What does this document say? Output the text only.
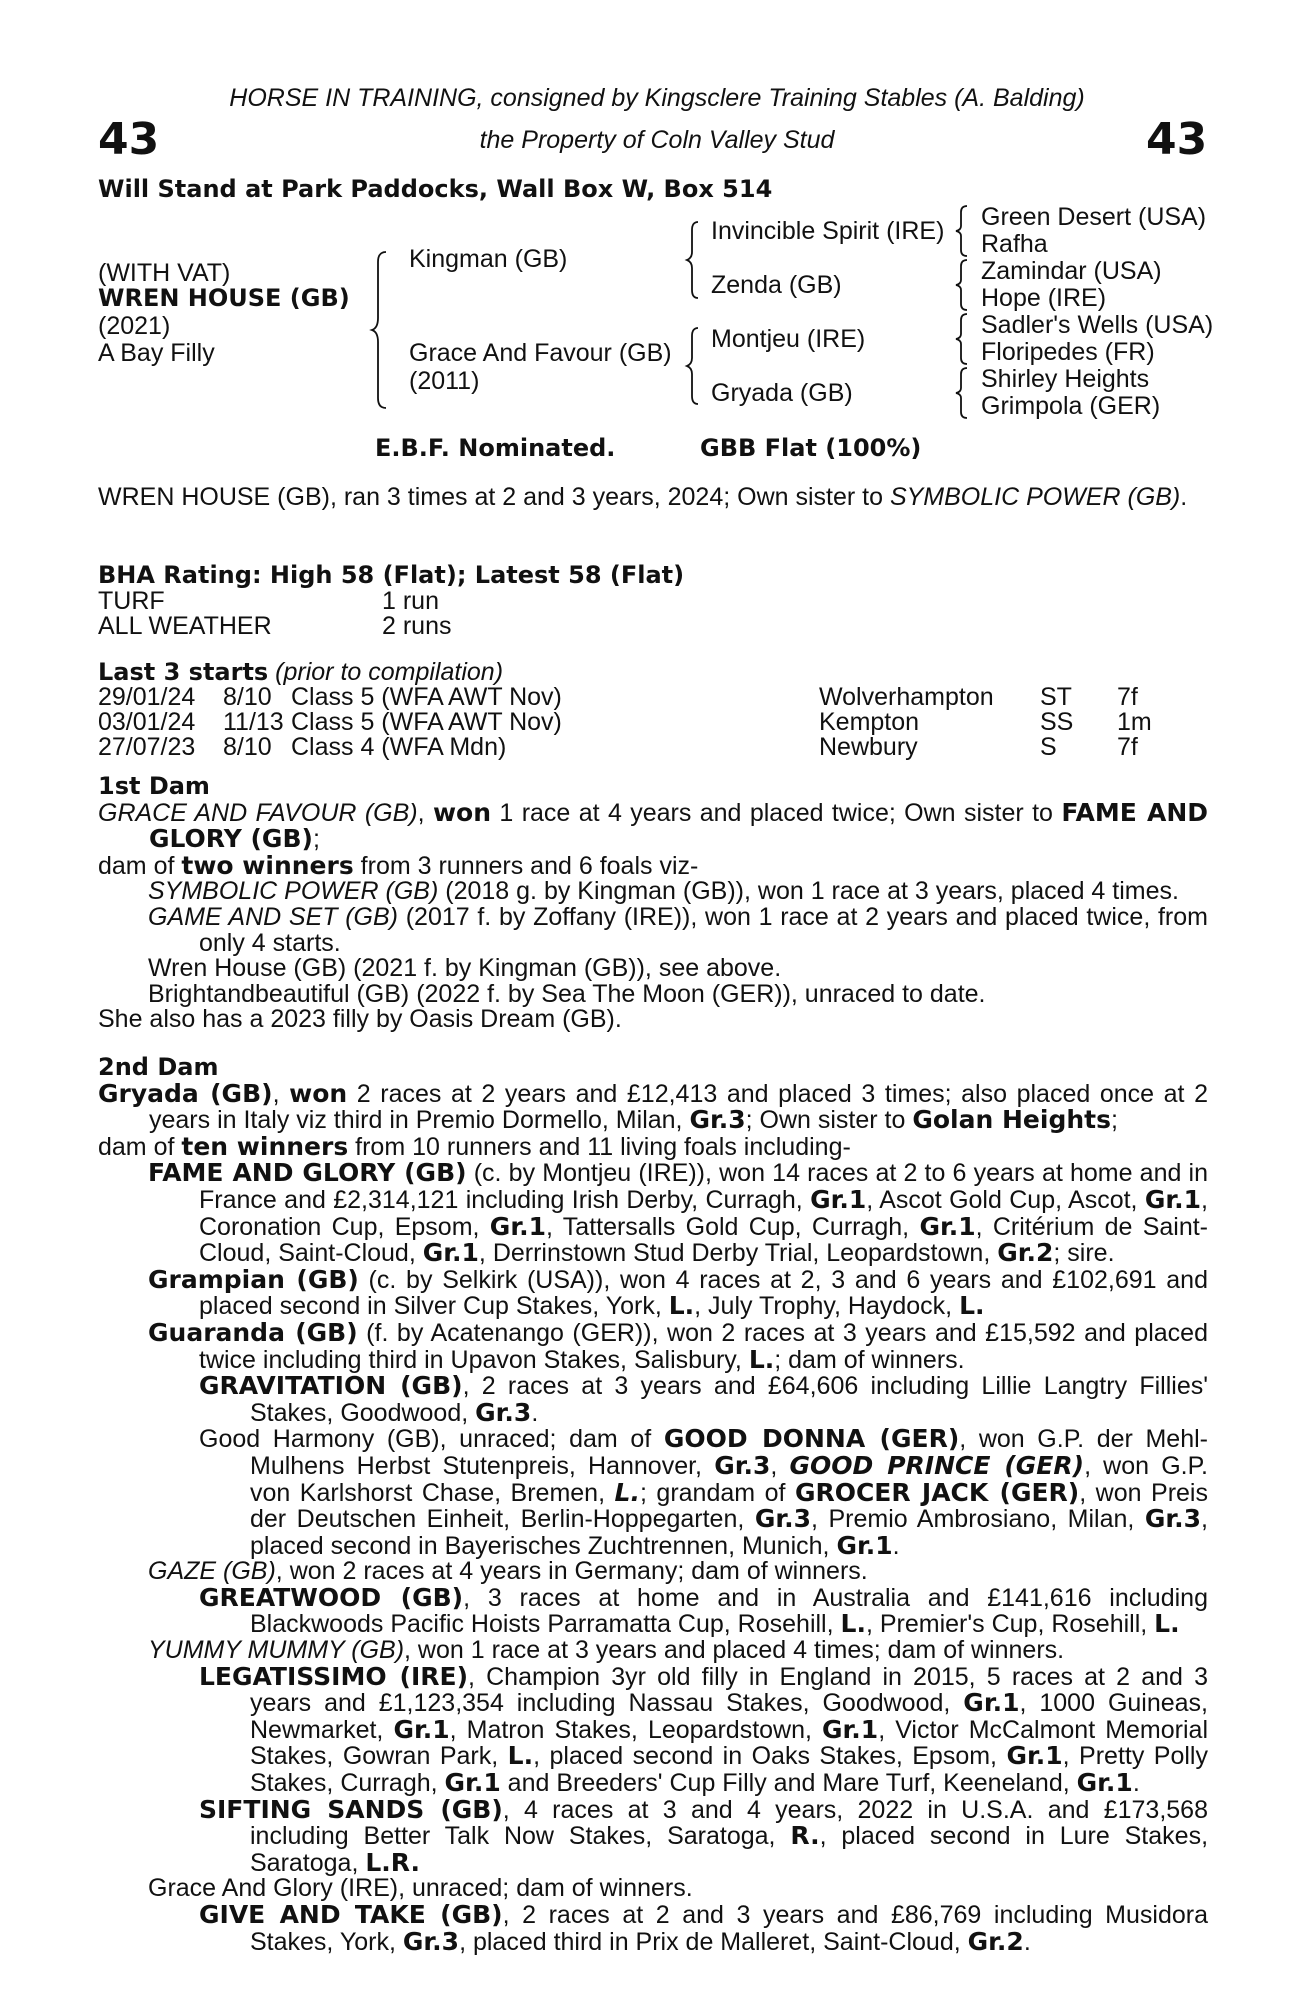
HORSE IN TRAINING, consigned by Kingsclere Training Stables (A. Balding)
the Property of Coln Valley Stud
43	43
Will Stand at Park Paddocks, Wall Box W, Box 514
(WITH VAT)
WREN HOUSE (GB)
(2021)
A Bay Filly
Kingman (GB)
Grace And Favour (GB)
(2011)
Invincible Spirit (IRE)
Zenda (GB)
Montjeu (IRE)
Gryada (GB)
Green Desert (USA)
Rafha
Zamindar (USA)
Hope (IRE)
Sadler's Wells (USA)
Floripedes (FR)
Shirley Heights
Grimpola (GER)
E.B.F. Nominated.	GBB Flat (100%)
WREN HOUSE (GB), ran 3 times at 2 and 3 years, 2024; Own sister to SYMBOLIC POWER (GB).
BHA Rating: High 58 (Flat); Latest 58 (Flat)
TURF	1 run
ALL WEATHER	2 runs
Last 3 starts (prior to compilation)
29/01/24 8/10 Class 5 (WFA AWT Nov)	Wolverhampton ST 7f
03/01/24 11/13 Class 5 (WFA AWT Nov)	Kempton	SS 1m
27/07/23 8/10 Class 4 (WFA Mdn)	Newbury	S 7f
1st Dam
GRACE AND FAVOUR (GB), won 1 race at 4 years and placed twice; Own sister to FAME AND GLORY (GB);
dam of two winners from 3 runners and 6 foals viz-
SYMBOLIC POWER (GB) (2018 g. by Kingman (GB)), won 1 race at 3 years, placed 4 times.
GAME AND SET (GB) (2017 f. by Zoffany (IRE)), won 1 race at 2 years and placed twice, from only 4 starts.
Wren House (GB) (2021 f. by Kingman (GB)), see above.
Brightandbeautiful (GB) (2022 f. by Sea The Moon (GER)), unraced to date.
She also has a 2023 filly by Oasis Dream (GB).
2nd Dam
Gryada (GB), won 2 races at 2 years and £12,413 and placed 3 times; also placed once at 2 years in Italy viz third in Premio Dormello, Milan, Gr.3; Own sister to Golan Heights;
dam of ten winners from 10 runners and 11 living foals including-
FAME AND GLORY (GB) (c. by Montjeu (IRE)), won 14 races at 2 to 6 years at home and in France and £2,314,121 including Irish Derby, Curragh, Gr.1, Ascot Gold Cup, Ascot, Gr.1, Coronation Cup, Epsom, Gr.1, Tattersalls Gold Cup, Curragh, Gr.1, Critérium de Saint-Cloud, Saint-Cloud, Gr.1, Derrinstown Stud Derby Trial, Leopardstown, Gr.2; sire.
Grampian (GB) (c. by Selkirk (USA)), won 4 races at 2, 3 and 6 years and £102,691 and placed second in Silver Cup Stakes, York, L., July Trophy, Haydock, L.
Guaranda (GB) (f. by Acatenango (GER)), won 2 races at 3 years and £15,592 and placed twice including third in Upavon Stakes, Salisbury, L.; dam of winners.
GRAVITATION (GB), 2 races at 3 years and £64,606 including Lillie Langtry Fillies' Stakes, Goodwood, Gr.3.
Good Harmony (GB), unraced; dam of GOOD DONNA (GER), won G.P. der Mehl-Mulhens Herbst Stutenpreis, Hannover, Gr.3, GOOD PRINCE (GER), won G.P. von Karlshorst Chase, Bremen, L.; grandam of GROCER JACK (GER), won Preis der Deutschen Einheit, Berlin-Hoppegarten, Gr.3, Premio Ambrosiano, Milan, Gr.3, placed second in Bayerisches Zuchtrennen, Munich, Gr.1.
GAZE (GB), won 2 races at 4 years in Germany; dam of winners.
GREATWOOD (GB), 3 races at home and in Australia and £141,616 including Blackwoods Pacific Hoists Parramatta Cup, Rosehill, L., Premier's Cup, Rosehill, L.
YUMMY MUMMY (GB), won 1 race at 3 years and placed 4 times; dam of winners.
LEGATISSIMO (IRE), Champion 3yr old filly in England in 2015, 5 races at 2 and 3 years and £1,123,354 including Nassau Stakes, Goodwood, Gr.1, 1000 Guineas, Newmarket, Gr.1, Matron Stakes, Leopardstown, Gr.1, Victor McCalmont Memorial Stakes, Gowran Park, L., placed second in Oaks Stakes, Epsom, Gr.1, Pretty Polly Stakes, Curragh, Gr.1 and Breeders' Cup Filly and Mare Turf, Keeneland, Gr.1.
SIFTING SANDS (GB), 4 races at 3 and 4 years, 2022 in U.S.A. and £173,568 including Better Talk Now Stakes, Saratoga, R., placed second in Lure Stakes, Saratoga, L.R.
Grace And Glory (IRE), unraced; dam of winners.
GIVE AND TAKE (GB), 2 races at 2 and 3 years and £86,769 including Musidora Stakes, York, Gr.3, placed third in Prix de Malleret, Saint-Cloud, Gr.2.
